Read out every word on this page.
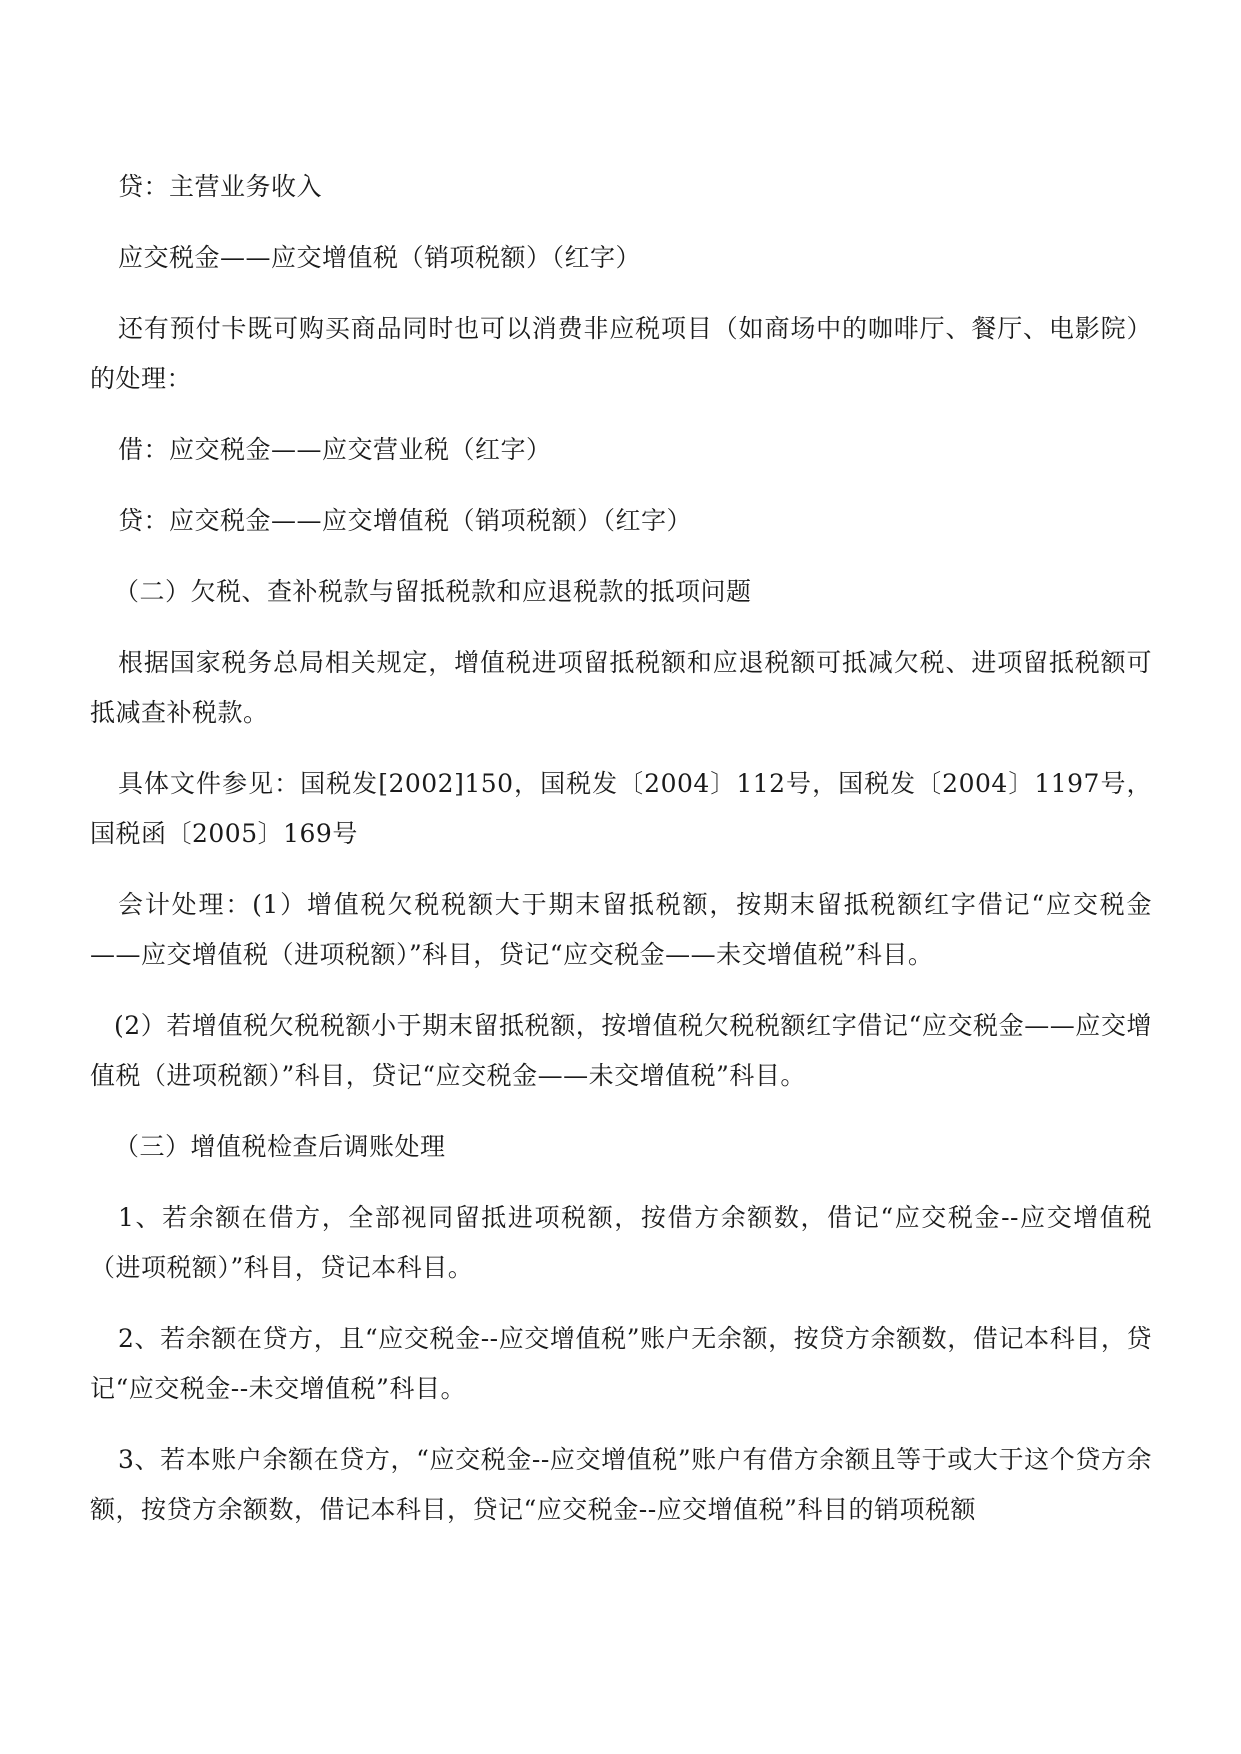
贷：主营业务收入

应交税金——应交增值税（销项税额）（红字）

还有预付卡既可购买商品同时也可以消费非应税项目（如商场中的咖啡厅、餐厅、电影院）的处理：

借：应交税金——应交营业税（红字）

贷：应交税金——应交增值税（销项税额）（红字）

（二）欠税、查补税款与留抵税款和应退税款的抵项问题

根据国家税务总局相关规定，增值税进项留抵税额和应退税额可抵减欠税、进项留抵税额可抵减查补税款。

具体文件参见：国税发[2002]150，国税发〔2004〕112号，国税发〔2004〕1197号，国税函〔2005〕169号

会计处理：(1）增值税欠税税额大于期末留抵税额，按期末留抵税额红字借记“应交税金——应交增值税（进项税额）”科目，贷记“应交税金——未交增值税”科目。

(2）若增值税欠税税额小于期末留抵税额，按增值税欠税税额红字借记“应交税金——应交增值税（进项税额）”科目，贷记“应交税金——未交增值税”科目。

（三）增值税检查后调账处理

1、若余额在借方，全部视同留抵进项税额，按借方余额数，借记“应交税金--应交增值税（进项税额）”科目，贷记本科目。

2、若余额在贷方，且“应交税金--应交增值税”账户无余额，按贷方余额数，借记本科目，贷记“应交税金--未交增值税”科目。

3、若本账户余额在贷方，“应交税金--应交增值税”账户有借方余额且等于或大于这个贷方余额，按贷方余额数，借记本科目，贷记“应交税金--应交增值税”科目的销项税额
